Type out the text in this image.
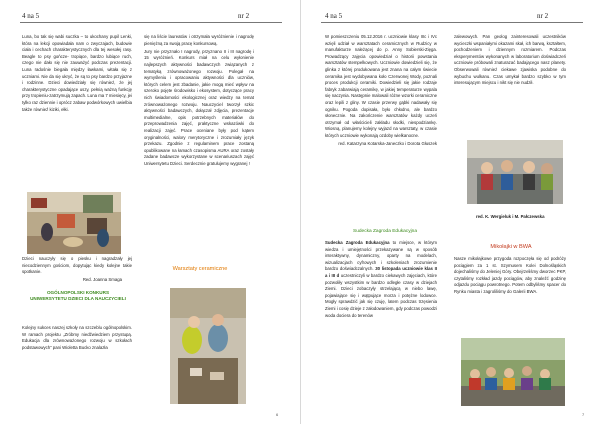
4 na 5	nr 2

Luna, bo tak się wabi suczka – to ukochany pupil Lenki, która na lekcji opowiadała nam o zwyczajach, budowie ciała i cechach charakterystycznych dla tej wesołej rasy. Beagle to psy gończe- tropiące, bardzo lubiące ruch, czego nie dało się nie zauważyć podczas prezentacji. Luna radośnie biegała między ławkami, witała się z uczniami. Nie da się ukryć, że są to psy bardzo przyjazne i rodzinne. Dzieci dowiedziały się również, że jej charakterystyczne opadające uszy, pełnią ważną funkcję przy tropieniu-zatrzymują zapach. Luna ma 7 miesięcy, jei tylko raz dziennie i oprócz zabaw podwórkowych uwielbia także równieź kiziki, ełki.

Dzieci nauczyły się o piesku i nagradzały jej niecodziennym gościom, dopytując kiedy kolejne takie spotkanie.

Red. Joanna Smaga

OGÓLNOPOLSKI KONKURS UNIWERSYTETU DZIECI DLA NAUCZYCIELI

Kolejny sukces naszej szkoły na szczeblu ogólnopolskim. W ramach projektu „Zróbmy niedźwiedziem przystupą. Edukacja dla zrównoważonego rozwoju w szkołach podstawowych” pani Wioletta Bucko znalazła

się na liście laureatów i otrzymała wyróżnienie i nagrodę pieniężną za swoją pracę konkursową.

Jury nie przyznało I nagrody, przyznano II i III nagrodę i 15 wyróżnień. Konkurs miał na celu wyłonienie najlepszych aktywności badawczych związanych z tematyką zrównoważonego rozwoju. Polegał na wymyśleniu i opracowaniu aktywności dla uczniów, których celem jest zbadanie, jakie mogą mieć wpływ na szeroko pojęte środowisko i ekosystem, dotyczące pracy nich świadomości ekologicznej oraz wiedzy na temat zrównoważonego rozwoju. Nauczyciel tworzył szkic aktywności badawczych, dołączał zdjęcia, prezentacje multimedialne, opis potrzebnych materiałów do przeprowadzenia zajęć, praktyczne wskazówki do realizacji zajęć. Prace oceniane były pod kątem oryginalności, walory merytoryczne i zrozumiały język przekazu. Zgodnie z regulaminem prace zostaną opublikowane na łamach czasopisma AURA oraz zostały zadane badawcze wykorzystane w scenariuszach zajęć Uniwersytetu Dzieci. Serdecznie gratulujemy wygranej !

Warsztaty ceramiczne
6
4 na 5	nr 2

W pomieszczeniu 05.12.2016 r. uczniowie klasy IIIc i IVc wzięli udział w warsztatach ceramicznych w Rudzicy w manufakturze należącej do p. Anny Sobierski-Zięga. Prowadzący zajęcia opowiedział o historii powstania warsztatów stempelkowych. Uczniowie dowiedzieli się, że glinka z której produkowana jest znana na całym świecie ceramika jest wydobywana koło Czerwonej Wody, poznali proces produkcji ceramiki. Dowiedzieli się jakie rodzaje fabryk zabarwiają ceramikę, w jakiej temperaturze wypala się naczynia. Następnie malowali różne wzorki ceramiczne oraz lepili z gliny. W czasie przerwy gąbki nadawały się ogniku. Pogoda dopisała, było chłodno, ale bardzo słonecznie. Na zakończenie warsztatów każdy uczeń otrzymał od właścicieli zakładu słodki, niespodziankę. Wiosną, planujemy kolejny wyjazd na warsztaty, w czasie których uczniowie wykonają ozdoby wielkanocne.

red. Katarzyna Kotarska-Janeczko i Dorota Głuszek

Sudecka Zagroda Edukacyjna

Sudecka Zagroda Edukacyjna to miejsce, w którym wiedza i umiejętności przekazywane są w sposób interaktywny, dynamiczny, oparty na modelach, wizualizacjach cyfrowych i szkoleniach zrozumienie bardzo doświadczalnych. 30 listopada uczniowie klas II a i III d uczestniczyli w bardzo ciekawych zajęciach, które pozwoliły wszystkim w bardzo odległe czasy w dziejach Ziemi. Dzieci zobaczyły strzelającą w niebo lawę, pojawiające się i wątpujące morza i potężne lodowce. Mogły sprawdzić jak się czuję, latem podczas trzęsienia Ziemi i cosię dzieje z załodowaniem, gdy podczas powodzi woda dociera do terenów

zalewowych. Pan geolog zainteresowali uczestników wycieczki wspaniałymi okazami skał, ich barwą, kształtem, pochodzeniem i dziennym rozmiarem. Podczas eksperymentów wykonanych w laboratorium doświadczeń uczniowie próbowali znaturazać badającego nasz planety. Obserwowali również ciekawe zjawiska podobne do wybuchu wulkanu. Czas umykał bardzo szybko w tym interesującym miejscu i nikt się nie nudził.

red. K. Wergieluk i M. Pałczewska
Mikołajki w BWA

Nasze mikołajkowe przygoda rozpoczęła się od podróży pociągiem za 1 st. Szymusem Kolei Dolnośląskich dojechaliśmy do Jeleniej Góry. Obejrzeliśmy dworzec PKP, czytaliśmy rozkład jazdy pociągów, aby znaleźć godzinę odjazdu pociągu powrotnego. Potem odbyliśmy spacer do Rynku miasta i zagroliliśmy do Galerii BWA.

7
